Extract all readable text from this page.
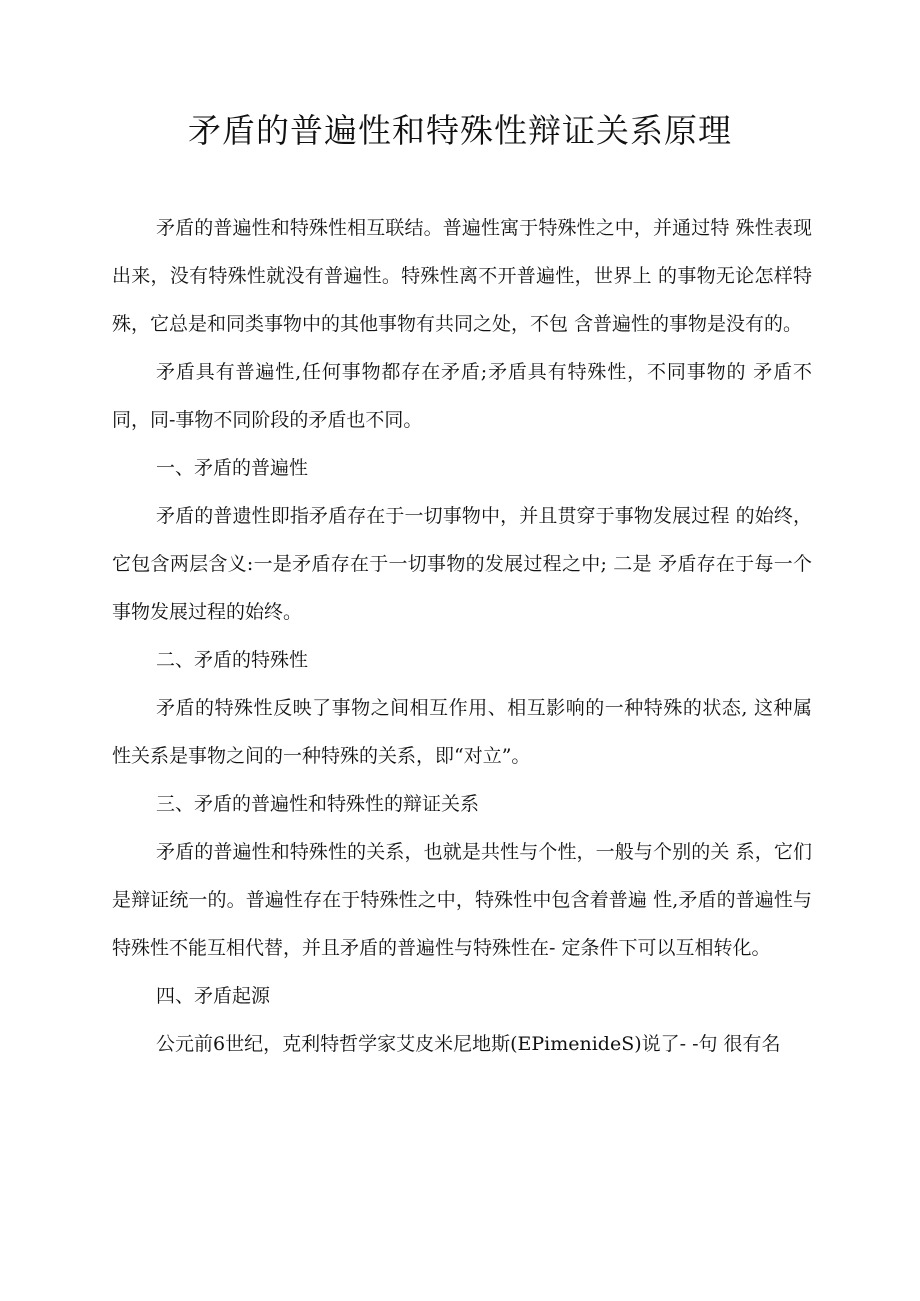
矛盾的普遍性和特殊性辩证关系原理

矛盾的普遍性和特殊性相互联结。普遍性寓于特殊性之中，并通过特 殊性表现出来，没有特殊性就没有普遍性。特殊性离不开普遍性，世界上 的事物无论怎样特殊，它总是和同类事物中的其他事物有共同之处，不包 含普遍性的事物是没有的。

矛盾具有普遍性,任何事物都存在矛盾;矛盾具有特殊性，不同事物的 矛盾不同，同-事物不同阶段的矛盾也不同。

一、矛盾的普遍性

矛盾的普遗性即指矛盾存在于一切事物中，并且贯穿于事物发展过程 的始终，它包含两层含义:一是矛盾存在于一切事物的发展过程之中; 二是 矛盾存在于每一个事物发展过程的始终。

二、矛盾的特殊性

矛盾的特殊性反映了事物之间相互作用、相互影响的一种特殊的状态, 这种属性关系是事物之间的一种特殊的关系，即“对立”。

三、矛盾的普遍性和特殊性的辩证关系

矛盾的普遍性和特殊性的关系，也就是共性与个性，一般与个别的关 系，它们是辩证统一的。普遍性存在于特殊性之中，特殊性中包含着普遍 性,矛盾的普遍性与特殊性不能互相代替，并且矛盾的普遍性与特殊性在- 定条件下可以互相转化。

四、矛盾起源

公元前6世纪，克利特哲学家艾皮米尼地斯(EPimenideS)说了- -句 很有名
